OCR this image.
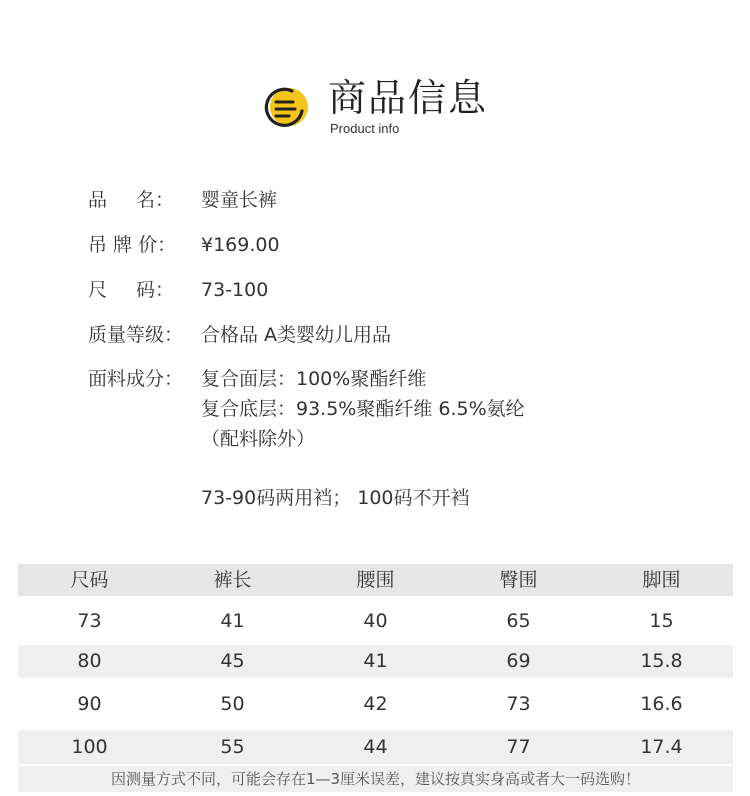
商品信息
Product info
品 名： 婴童长裤
吊 牌 价：	¥169.00
尺 码： 73-100
质量等级： 合格品 A类婴幼儿用品
面料成分： 复合面层：100%聚酯纤维
复合底层：93.5%聚酯纤维 6.5%氨纶
（配料除外）
73-90码两用裆； 100码不开裆
尺码	裤长	腰围	臀围	脚围
73	41	40	65	15
80	45	41	69	15.8
90	50	42	73	16.6
100	55	44	77	17.4
因测量方式不同，可能会存在1—3厘米误差，建议按真实身高或者大一码选购！
